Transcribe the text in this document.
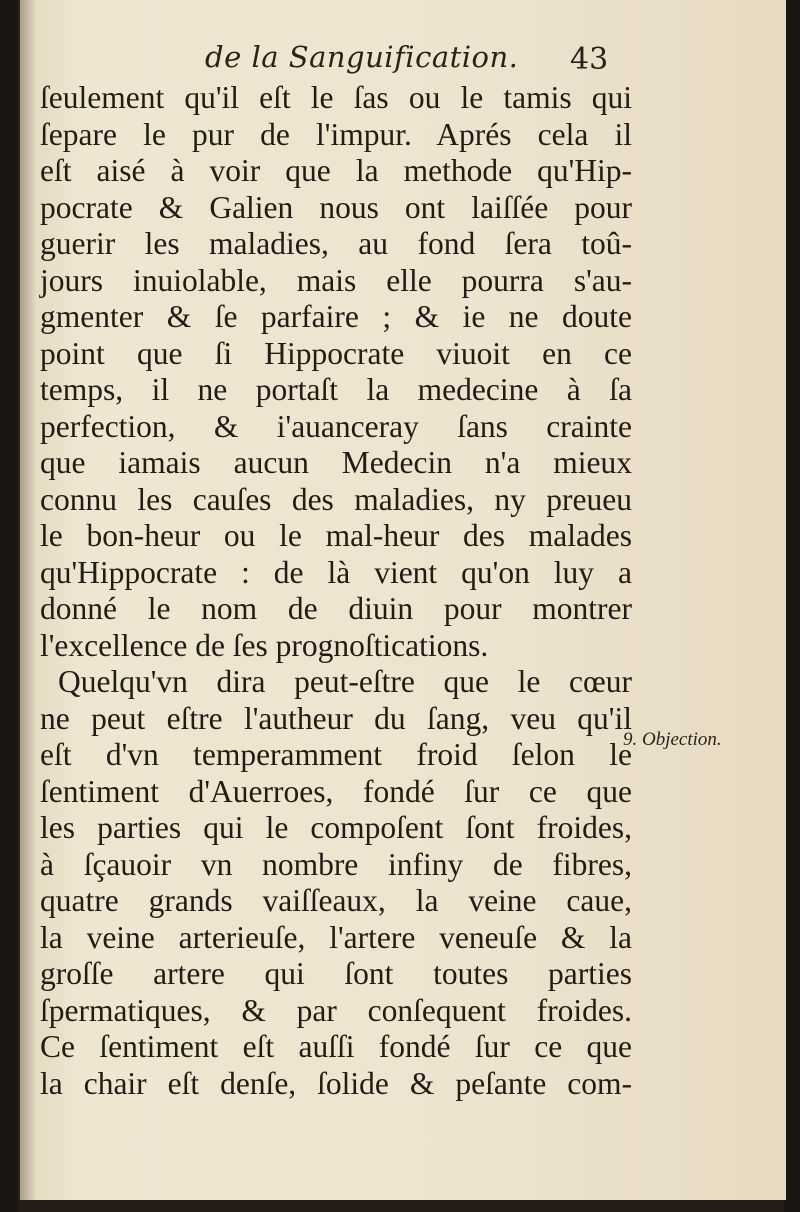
de la Sanguification. 43
ſeulement qu'il eſt le ſas ou le tamis qui
ſepare le pur de l'impur. Aprés cela il
eſt aisé à voir que la methode qu'Hip-
pocrate & Galien nous ont laiſſée pour
guerir les maladies, au fond ſera toû-
jours inuiolable, mais elle pourra s'au-
gmenter & ſe parfaire ; & ie ne doute
point que ſi Hippocrate viuoit en ce
temps, il ne portaſt la medecine à ſa
perfection, & i'auanceray ſans crainte
que iamais aucun Medecin n'a mieux
connu les cauſes des maladies, ny preueu
le bon-heur ou le mal-heur des malades
qu'Hippocrate : de là vient qu'on luy a
donné le nom de diuin pour montrer
l'excellence de ſes prognoſtications.
Quelqu'vn dira peut-eſtre que le cœur
ne peut eſtre l'autheur du ſang, veu qu'il
eſt d'vn temperamment froid ſelon le
ſentiment d'Auerroes, fondé ſur ce que
les parties qui le compoſent ſont froides,
à ſçauoir vn nombre infiny de fibres,
quatre grands vaiſſeaux, la veine caue,
la veine arterieuſe, l'artere veneuſe & la
groſſe artere qui ſont toutes parties
ſpermatiques, & par conſequent froides.
Ce ſentiment eſt auſſi fondé ſur ce que
la chair eſt denſe, ſolide & peſante com-
9. Objection.
